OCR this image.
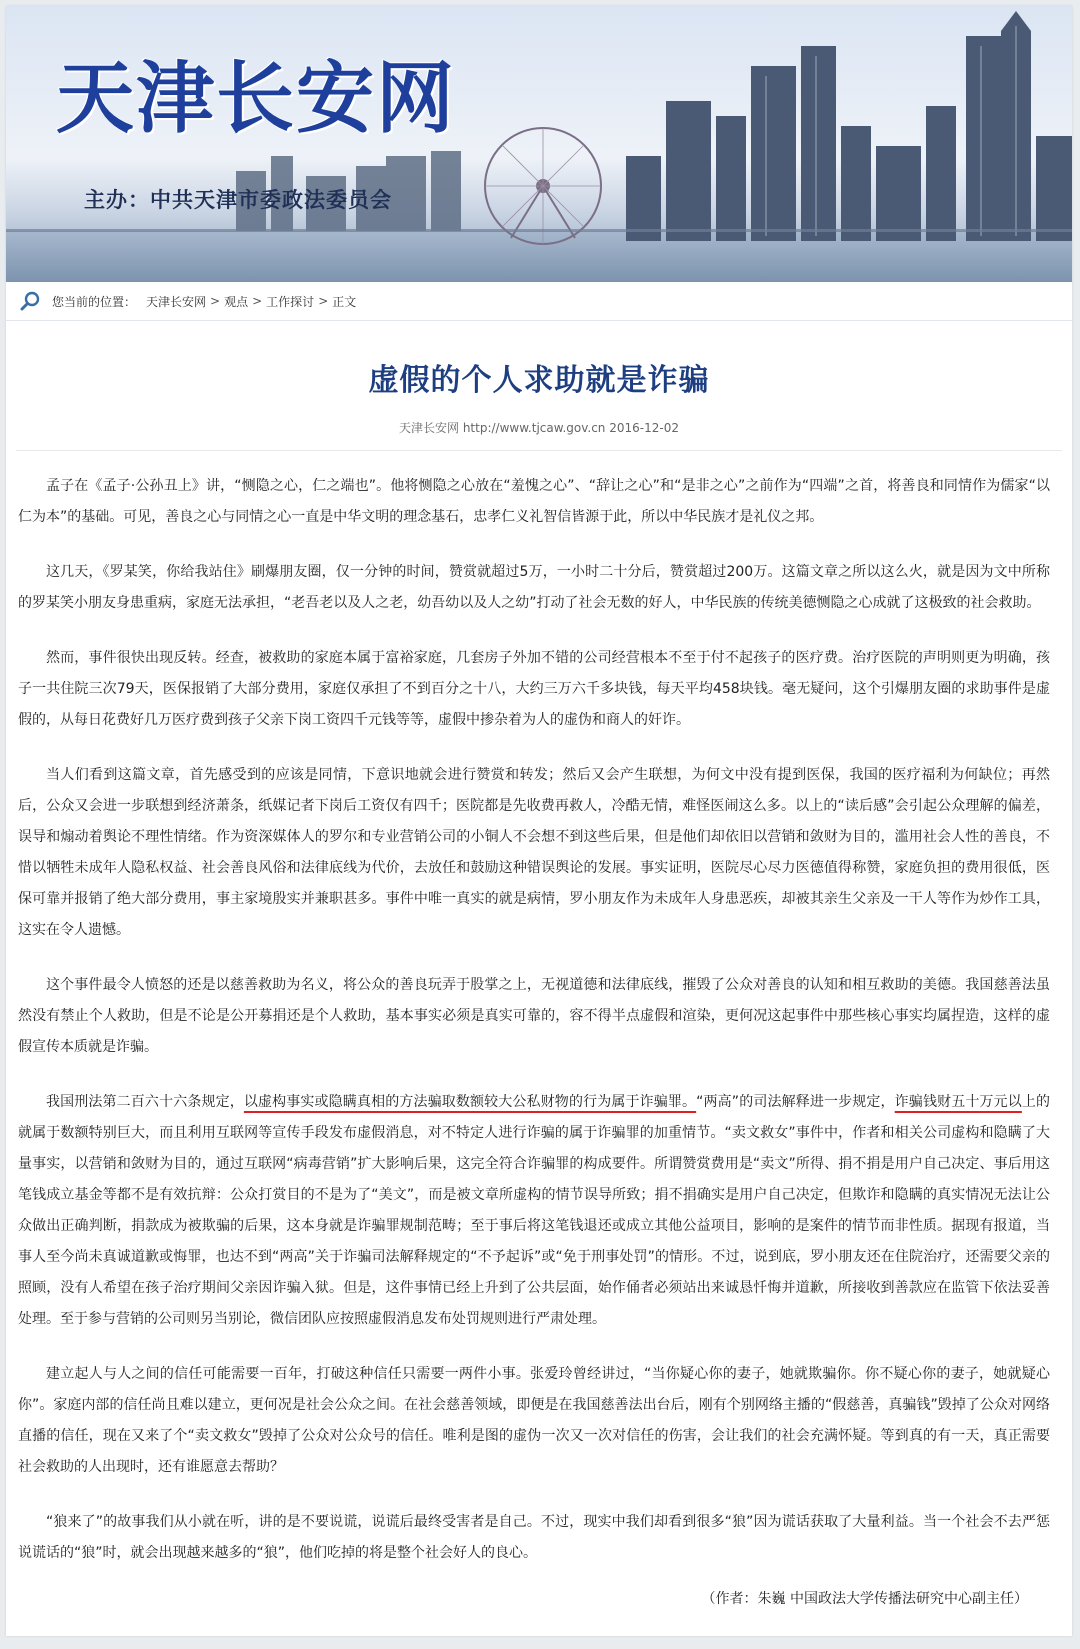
天津长安网
主办：中共天津市委政法委员会
您当前的位置： 天津长安网 > 观点 > 工作探讨 > 正文
虚假的个人求助就是诈骗
天津长安网 http://www.tjcaw.gov.cn 2016-12-02

孟子在《孟子·公孙丑上》讲，“恻隐之心，仁之端也”。他将恻隐之心放在“羞愧之心”、“辞让之心”和“是非之心”之前作为“四端”之首，将善良和同情作为儒家“以仁为本”的基础。可见，善良之心与同情之心一直是中华文明的理念基石，忠孝仁义礼智信皆源于此，所以中华民族才是礼仪之邦。

这几天，《罗某笑，你给我站住》刷爆朋友圈，仅一分钟的时间，赞赏就超过5万，一小时二十分后，赞赏超过200万。这篇文章之所以这么火，就是因为文中所称的罗某笑小朋友身患重病，家庭无法承担，“老吾老以及人之老，幼吾幼以及人之幼”打动了社会无数的好人，中华民族的传统美德恻隐之心成就了这极致的社会救助。

然而，事件很快出现反转。经查，被救助的家庭本属于富裕家庭，几套房子外加不错的公司经营根本不至于付不起孩子的医疗费。治疗医院的声明则更为明确，孩子一共住院三次79天，医保报销了大部分费用，家庭仅承担了不到百分之十八，大约三万六千多块钱，每天平均458块钱。毫无疑问，这个引爆朋友圈的求助事件是虚假的，从每日花费好几万医疗费到孩子父亲下岗工资四千元钱等等，虚假中掺杂着为人的虚伪和商人的奸诈。

当人们看到这篇文章，首先感受到的应该是同情，下意识地就会进行赞赏和转发；然后又会产生联想，为何文中没有提到医保，我国的医疗福利为何缺位；再然后，公众又会进一步联想到经济萧条，纸媒记者下岗后工资仅有四千；医院都是先收费再救人，冷酷无情，难怪医闹这么多。以上的“读后感”会引起公众理解的偏差，误导和煽动着舆论不理性情绪。作为资深媒体人的罗尔和专业营销公司的小铜人不会想不到这些后果，但是他们却依旧以营销和敛财为目的，滥用社会人性的善良，不惜以牺牲未成年人隐私权益、社会善良风俗和法律底线为代价，去放任和鼓励这种错误舆论的发展。事实证明，医院尽心尽力医德值得称赞，家庭负担的费用很低，医保可靠并报销了绝大部分费用，事主家境殷实并兼职甚多。事件中唯一真实的就是病情，罗小朋友作为未成年人身患恶疾，却被其亲生父亲及一干人等作为炒作工具，这实在令人遗憾。

这个事件最令人愤怒的还是以慈善救助为名义，将公众的善良玩弄于股掌之上，无视道德和法律底线，摧毁了公众对善良的认知和相互救助的美德。我国慈善法虽然没有禁止个人救助，但是不论是公开募捐还是个人救助，基本事实必须是真实可靠的，容不得半点虚假和渲染，更何况这起事件中那些核心事实均属捏造，这样的虚假宣传本质就是诈骗。

我国刑法第二百六十六条规定，以虚构事实或隐瞒真相的方法骗取数额较大公私财物的行为属于诈骗罪。“两高”的司法解释进一步规定，诈骗钱财五十万元以上的就属于数额特别巨大，而且利用互联网等宣传手段发布虚假消息，对不特定人进行诈骗的属于诈骗罪的加重情节。“卖文救女”事件中，作者和相关公司虚构和隐瞒了大量事实，以营销和敛财为目的，通过互联网“病毒营销”扩大影响后果，这完全符合诈骗罪的构成要件。所谓赞赏费用是“卖文”所得、捐不捐是用户自己决定、事后用这笔钱成立基金等都不是有效抗辩：公众打赏目的不是为了“美文”，而是被文章所虚构的情节误导所致；捐不捐确实是用户自己决定，但欺诈和隐瞒的真实情况无法让公众做出正确判断，捐款成为被欺骗的后果，这本身就是诈骗罪规制范畴；至于事后将这笔钱退还或成立其他公益项目，影响的是案件的情节而非性质。据现有报道，当事人至今尚未真诚道歉或悔罪，也达不到“两高”关于诈骗司法解释规定的“不予起诉”或“免于刑事处罚”的情形。不过，说到底，罗小朋友还在住院治疗，还需要父亲的照顾，没有人希望在孩子治疗期间父亲因诈骗入狱。但是，这件事情已经上升到了公共层面，始作俑者必须站出来诚恳忏悔并道歉，所接收到善款应在监管下依法妥善处理。至于参与营销的公司则另当别论，微信团队应按照虚假消息发布处罚规则进行严肃处理。

建立起人与人之间的信任可能需要一百年，打破这种信任只需要一两件小事。张爱玲曾经讲过，“当你疑心你的妻子，她就欺骗你。你不疑心你的妻子，她就疑心你”。家庭内部的信任尚且难以建立，更何况是社会公众之间。在社会慈善领域，即便是在我国慈善法出台后，刚有个别网络主播的“假慈善，真骗钱”毁掉了公众对网络直播的信任，现在又来了个“卖文救女”毁掉了公众对公众号的信任。唯利是图的虚伪一次又一次对信任的伤害，会让我们的社会充满怀疑。等到真的有一天，真正需要社会救助的人出现时，还有谁愿意去帮助？

“狼来了”的故事我们从小就在听，讲的是不要说谎，说谎后最终受害者是自己。不过，现实中我们却看到很多“狼”因为谎话获取了大量利益。当一个社会不去严惩说谎话的“狼”时，就会出现越来越多的“狼”，他们吃掉的将是整个社会好人的良心。

（作者：朱巍 中国政法大学传播法研究中心副主任）
